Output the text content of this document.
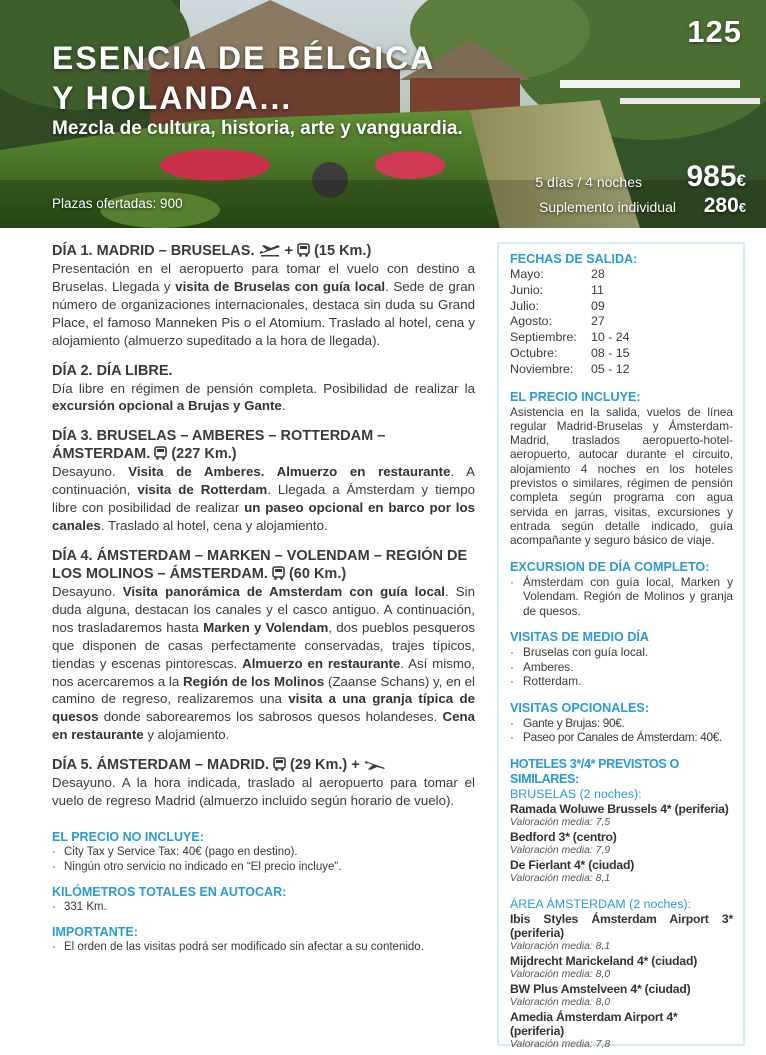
125
ESENCIA DE BÉLGICA
Y HOLANDA...
Mezcla de cultura, historia, arte y vanguardia.
Plazas ofertadas: 900
5 días / 4 noches 985€
Suplemento individual 280€
DÍA 1. MADRID – BRUSELAS. + (15 Km.)

Presentación en el aeropuerto para tomar el vuelo con destino a Bruselas. Llegada y visita de Bruselas con guía local. Sede de gran número de organizaciones internacionales, destaca sin duda su Grand Place, el famoso Manneken Pis o el Atomium. Traslado al hotel, cena y alojamiento (almuerzo supeditado a la hora de llegada).

DÍA 2. DÍA LIBRE.

Día libre en régimen de pensión completa. Posibilidad de realizar la excursión opcional a Brujas y Gante.

DÍA 3. BRUSELAS – AMBERES – ROTTERDAM – ÁMSTERDAM. (227 Km.)

Desayuno. Visita de Amberes. Almuerzo en restaurante. A continuación, visita de Rotterdam. Llegada a Ámsterdam y tiempo libre con posibilidad de realizar un paseo opcional en barco por los canales. Traslado al hotel, cena y alojamiento.

DÍA 4. ÁMSTERDAM – MARKEN – VOLENDAM – REGIÓN DE LOS MOLINOS – ÁMSTERDAM. (60 Km.)

Desayuno. Visita panorámica de Amsterdam con guía local. Sin duda alguna, destacan los canales y el casco antiguo. A continuación, nos trasladaremos hasta Marken y Volendam, dos pueblos pesqueros que disponen de casas perfectamente conservadas, trajes típicos, tiendas y escenas pintorescas. Almuerzo en restaurante. Así mismo, nos acercaremos a la Región de los Molinos (Zaanse Schans) y, en el camino de regreso, realizaremos una visita a una granja típica de quesos donde saborearemos los sabrosos quesos holandeses. Cena en restaurante y alojamiento.

DÍA 5. ÁMSTERDAM – MADRID. (29 Km.) +

Desayuno. A la hora indicada, traslado al aeropuerto para tomar el vuelo de regreso Madrid (almuerzo incluido según horario de vuelo).

EL PRECIO NO INCLUYE:
· City Tax y Service Tax: 40€ (pago en destino).
· Ningún otro servicio no indicado en “El precio incluye”.
KILÓMETROS TOTALES EN AUTOCAR:
· 331 Km.
IMPORTANTE:
· El orden de las visitas podrá ser modificado sin afectar a su contenido.
FECHAS DE SALIDA:
Mayo:	28
Junio:	11
Julio:	09
Agosto:	27
Septiembre:	10 - 24
Octubre:	08 - 15
Noviembre:	05 - 12
EL PRECIO INCLUYE:
Asistencia en la salida, vuelos de línea regular Madrid-Bruselas y Ámsterdam-Madrid, traslados aeropuerto-hotel-aeropuerto, autocar durante el circuito, alojamiento 4 noches en los hoteles previstos o similares, régimen de pensión completa según programa con agua servida en jarras, visitas, excursiones y entrada según detalle indicado, guía acompañante y seguro básico de viaje.
EXCURSION DE DÍA COMPLETO:
· Ámsterdam con guía local, Marken y Volendam. Región de Molinos y granja de quesos.
VISITAS DE MEDIO DÍA
· Bruselas con guía local.
· Amberes.
· Rotterdam.
VISITAS OPCIONALES:
· Gante y Brujas: 90€.
· Paseo por Canales de Ámsterdam: 40€.
HOTELES 3*/4* PREVISTOS O SIMILARES:
BRUSELAS (2 noches):
Ramada Woluwe Brussels 4* (periferia)
Valoración media: 7,5
Bedford 3* (centro)
Valoración media: 7,9
De Fierlant 4* (ciudad)
Valoración media: 8,1
ÁREA ÁMSTERDAM (2 noches):
Ibis Styles Ámsterdam Airport 3* (periferia)
Valoración media: 8,1
Mijdrecht Marickeland 4* (ciudad)
Valoración media: 8,0
BW Plus Amstelveen 4* (ciudad)
Valoración media: 8,0
Amedia Ámsterdam Airport 4* (periferia)
Valoración media: 7,8
